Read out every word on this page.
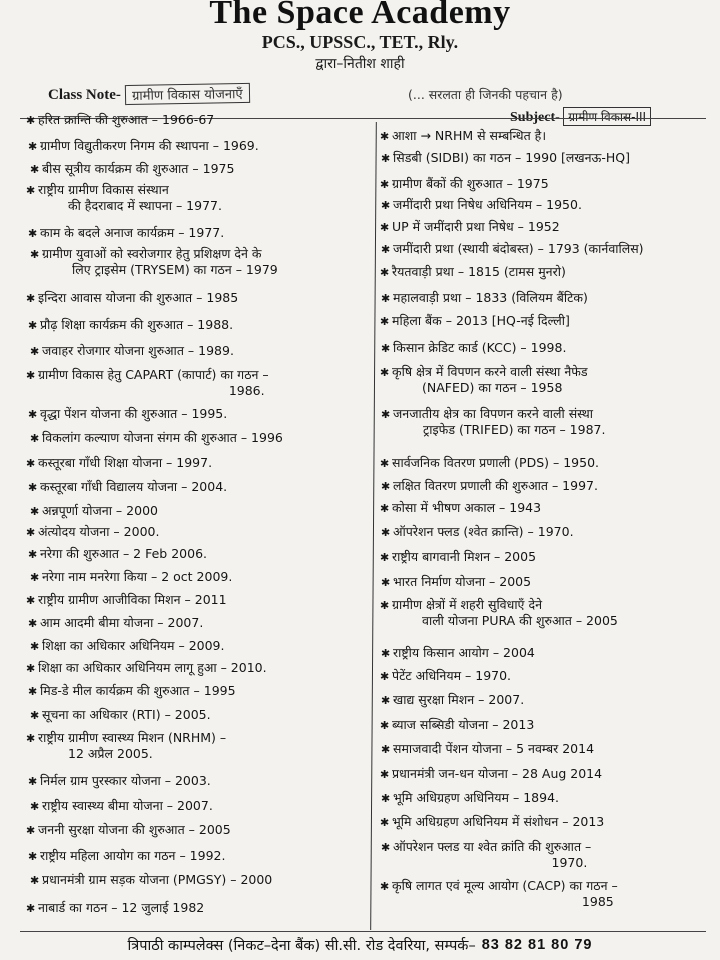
The Space Academy
PCS., UPSSC., TET., Rly.
द्वारा–नितीश शाही
Class Note- ग्रामीण विकास योजनाएँ	(... सरलता ही जिनकी पहचान है)
Subject- ग्रामीण विकास-III
✱ हरित क्रान्ति की शुरुआत – 1966-67
✱ ग्रामीण विद्युतीकरण निगम की स्थापना – 1969.
✱ बीस सूत्रीय कार्यक्रम की शुरुआत – 1975
✱ राष्ट्रीय ग्रामीण विकास संस्थान
की हैदराबाद में स्थापना – 1977.
✱ काम के बदले अनाज कार्यक्रम – 1977.
✱ ग्रामीण युवाओं को स्वरोजगार हेतु प्रशिक्षण देने के
लिए ट्राइसेम (TRYSEM) का गठन – 1979
✱ इन्दिरा आवास योजना की शुरुआत – 1985
✱ प्रौढ़ शिक्षा कार्यक्रम की शुरुआत – 1988.
✱ जवाहर रोजगार योजना शुरुआत – 1989.
✱ ग्रामीण विकास हेतु CAPART (कापार्ट) का गठन –
1986.
✱ वृद्धा पेंशन योजना की शुरुआत – 1995.
✱ विकलांग कल्याण योजना संगम की शुरुआत – 1996
✱ कस्तूरबा गाँधी शिक्षा योजना – 1997.
✱ कस्तूरबा गाँधी विद्यालय योजना – 2004.
✱ अन्नपूर्णा योजना – 2000
✱ अंत्योदय योजना – 2000.
✱ नरेगा की शुरुआत – 2 Feb 2006.
✱ नरेगा नाम मनरेगा किया – 2 oct 2009.
✱ राष्ट्रीय ग्रामीण आजीविका मिशन – 2011
✱ आम आदमी बीमा योजना – 2007.
✱ शिक्षा का अधिकार अधिनियम – 2009.
✱ शिक्षा का अधिकार अधिनियम लागू हुआ – 2010.
✱ मिड-डे मील कार्यक्रम की शुरुआत – 1995
✱ सूचना का अधिकार (RTI) – 2005.
✱ राष्ट्रीय ग्रामीण स्वास्थ्य मिशन (NRHM) –
12 अप्रैल 2005.
✱ निर्मल ग्राम पुरस्कार योजना – 2003.
✱ राष्ट्रीय स्वास्थ्य बीमा योजना – 2007.
✱ जननी सुरक्षा योजना की शुरुआत – 2005
✱ राष्ट्रीय महिला आयोग का गठन – 1992.
✱ प्रधानमंत्री ग्राम सड़क योजना (PMGSY) – 2000
✱ नाबार्ड का गठन – 12 जुलाई 1982
✱ आशा → NRHM से सम्बन्धित है।
✱ सिडबी (SIDBI) का गठन – 1990 [लखनऊ-HQ]
✱ ग्रामीण बैंकों की शुरुआत – 1975
✱ जमींदारी प्रथा निषेध अधिनियम – 1950.
✱ UP में जमींदारी प्रथा निषेध – 1952
✱ जमींदारी प्रथा (स्थायी बंदोबस्त) – 1793 (कार्नवालिस)
✱ रैयतवाड़ी प्रथा – 1815 (टामस मुनरो)
✱ महालवाड़ी प्रथा – 1833 (विलियम बैंटिक)
✱ महिला बैंक – 2013 [HQ-नई दिल्ली]
✱ किसान क्रेडिट कार्ड (KCC) – 1998.
✱ कृषि क्षेत्र में विपणन करने वाली संस्था नैफेड
(NAFED) का गठन – 1958
✱ जनजातीय क्षेत्र का विपणन करने वाली संस्था
ट्राइफेड (TRIFED) का गठन – 1987.
✱ सार्वजनिक वितरण प्रणाली (PDS) – 1950.
✱ लक्षित वितरण प्रणाली की शुरुआत – 1997.
✱ कोसा में भीषण अकाल – 1943
✱ ऑपरेशन फ्लड (श्वेत क्रान्ति) – 1970.
✱ राष्ट्रीय बागवानी मिशन – 2005
✱ भारत निर्माण योजना – 2005
✱ ग्रामीण क्षेत्रों में शहरी सुविधाएँ देने
वाली योजना PURA की शुरुआत – 2005
✱ राष्ट्रीय किसान आयोग – 2004
✱ पेटेंट अधिनियम – 1970.
✱ खाद्य सुरक्षा मिशन – 2007.
✱ ब्याज सब्सिडी योजना – 2013
✱ समाजवादी पेंशन योजना – 5 नवम्बर 2014
✱ प्रधानमंत्री जन-धन योजना – 28 Aug 2014
✱ भूमि अधिग्रहण अधिनियम – 1894.
✱ भूमि अधिग्रहण अधिनियम में संशोधन – 2013
✱ ऑपरेशन फ्लड या श्वेत क्रांति की शुरुआत –
1970.
✱ कृषि लागत एवं मूल्य आयोग (CACP) का गठन –
1985
त्रिपाठी काम्पलेक्स (निकट–देना बैंक) सी.सी. रोड देवरिया, सम्पर्क– 83 82 81 80 79
